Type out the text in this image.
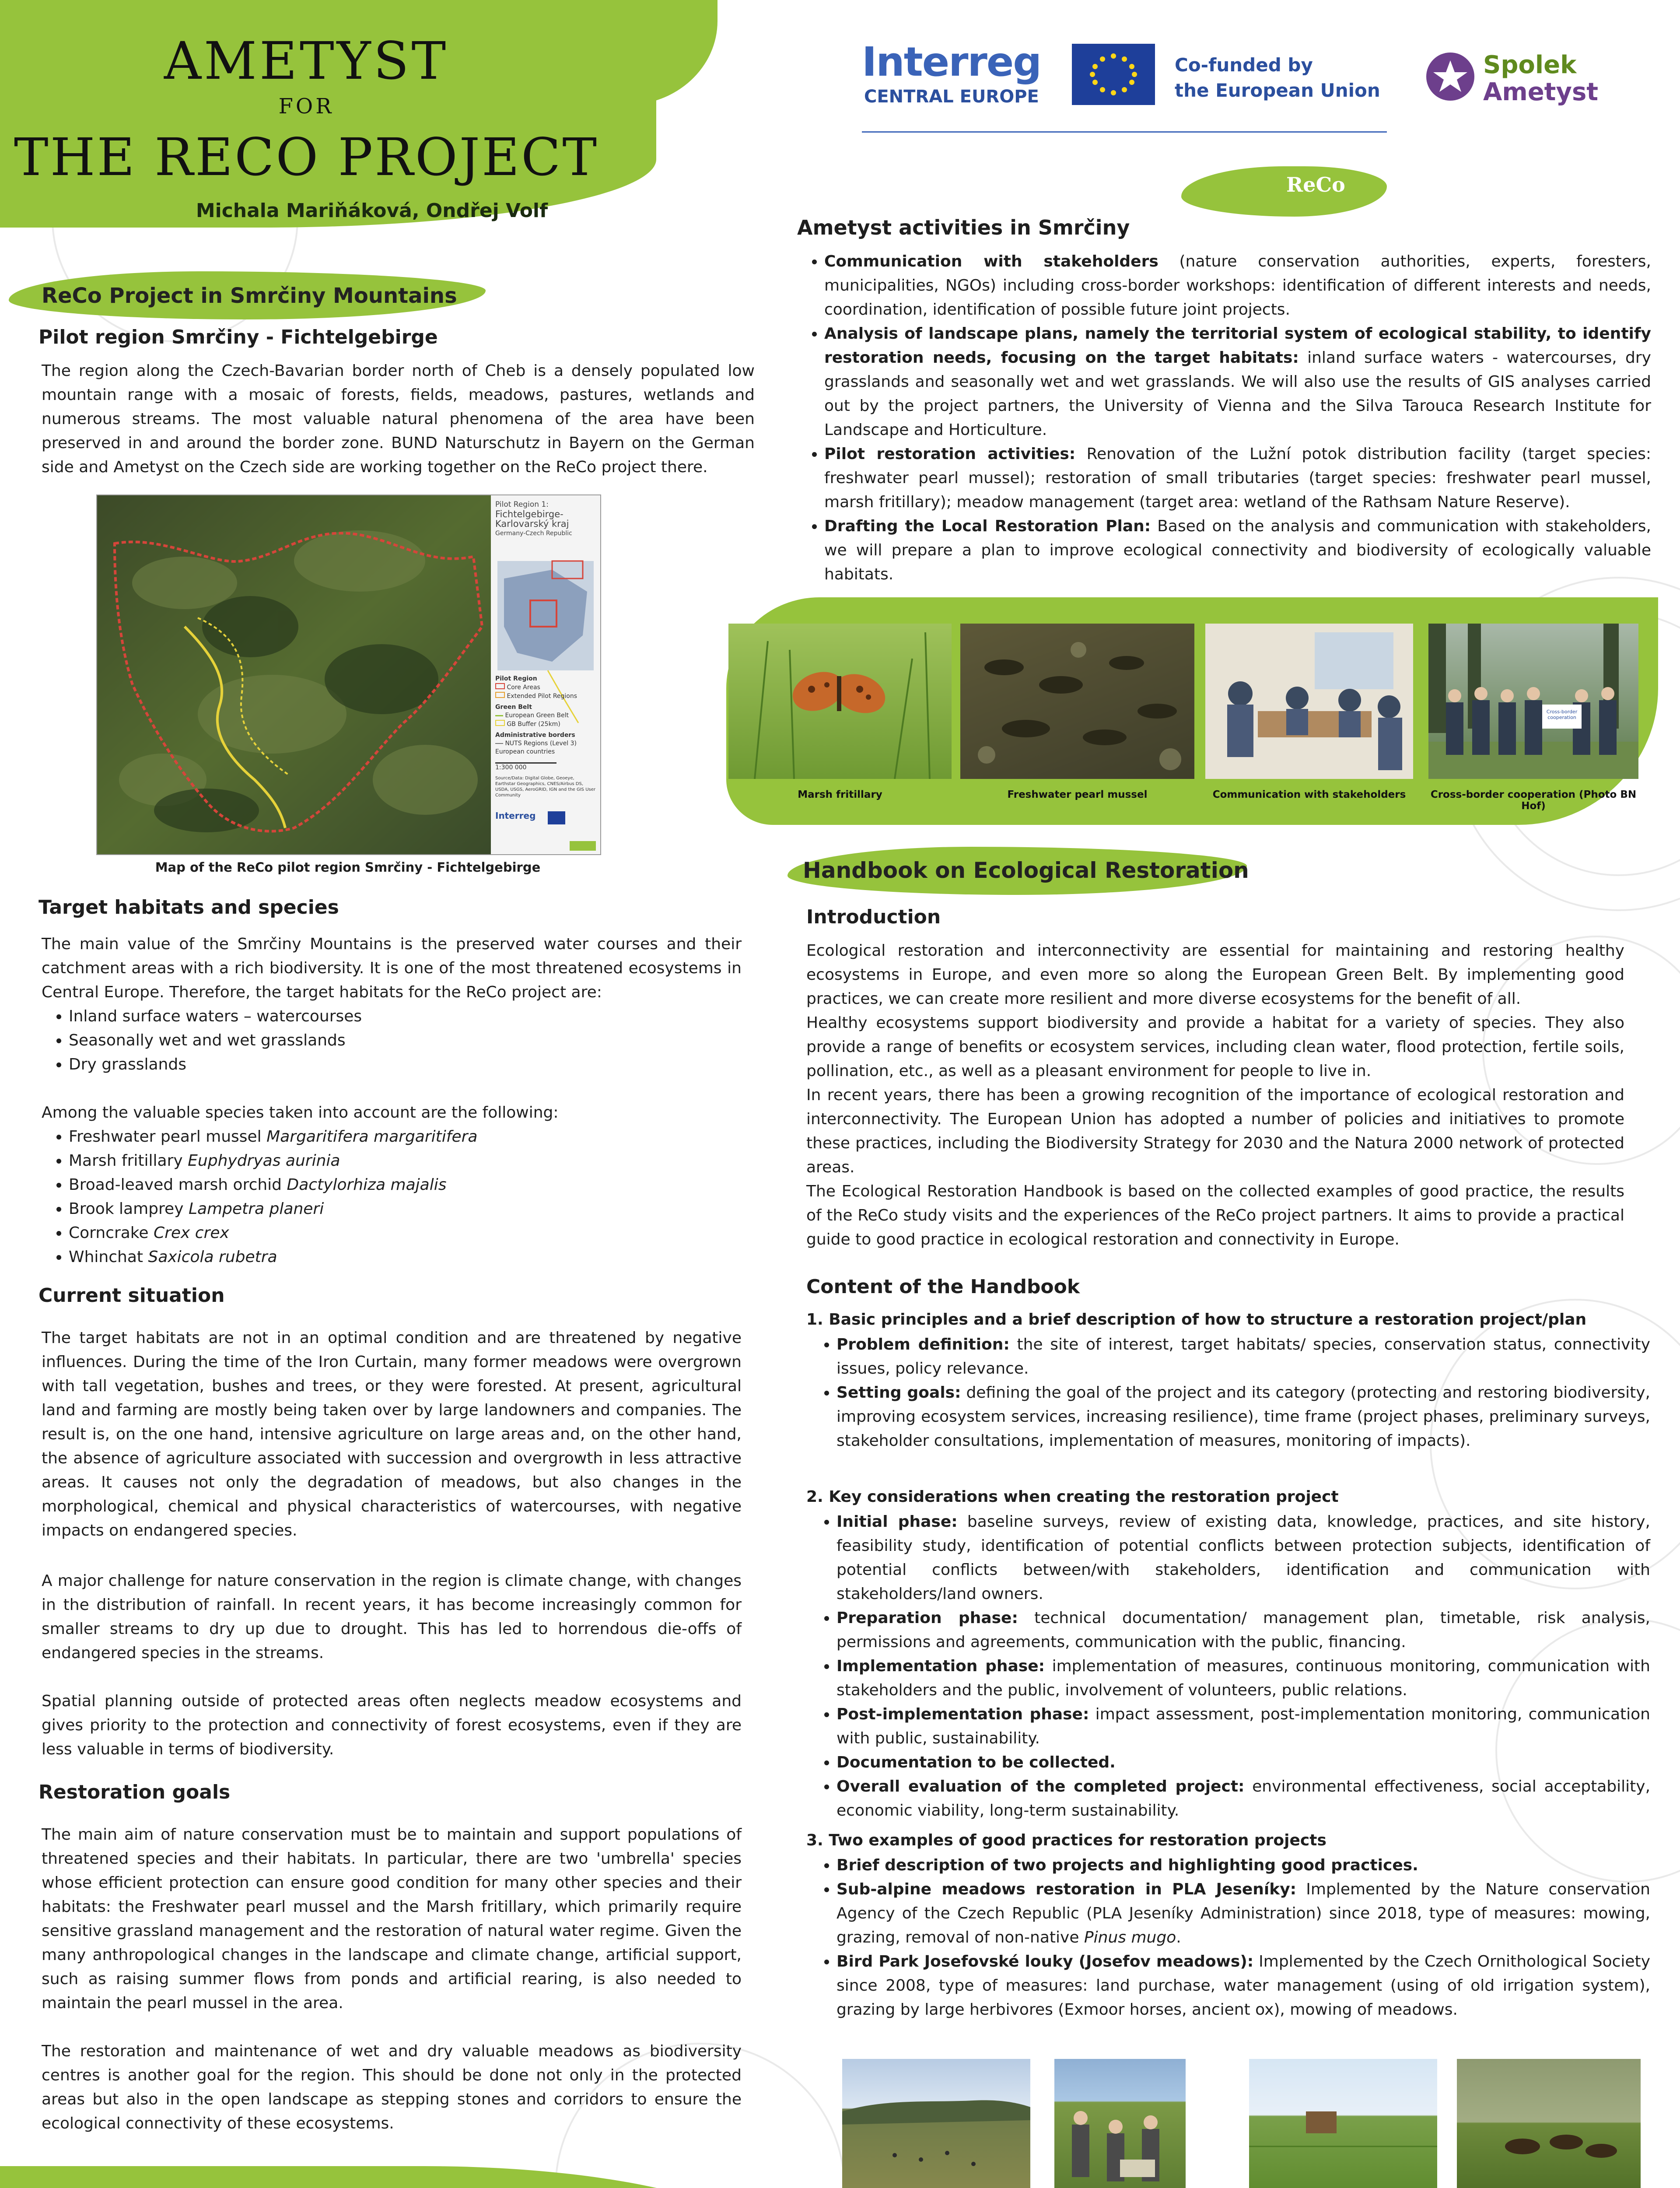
AMETYST
FOR
THE RECO PROJECT
Michala Mariňáková, Ondřej Volf
Interreg
CENTRAL EUROPE
Co-funded by
the European Union
Spolek
Ametyst
ReCo
ReCo Project in Smrčiny Mountains
Pilot region Smrčiny - Fichtelgebirge
The region along the Czech-Bavarian border north of Cheb is a densely populated low mountain range with a mosaic of forests, fields, meadows, pastures, wetlands and numerous streams. The most valuable natural phenomena of the area have been preserved in and around the border zone. BUND Naturschutz in Bayern on the German side and Ametyst on the Czech side are working together on the ReCo project there.
Pilot Region 1:
Fichtelgebirge-
Karlovarský kraj
Germany-Czech Republic
Pilot Region
Core Areas
Extended Pilot Regions
Green Belt
European Green Belt
GB Buffer (25km)
Administrative borders
NUTS Regions (Level 3)
European countries
1:300 000
Source/Data: Digital Globe, Geoeye, Earthstar Geographics, CNES/Airbus DS, USDA, USGS, AeroGRID, IGN and the GIS User Community
Interreg
Map of the ReCo pilot region Smrčiny - Fichtelgebirge
Target habitats and species
The main value of the Smrčiny Mountains is the preserved water courses and their catchment areas with a rich biodiversity. It is one of the most threatened ecosystems in Central Europe. Therefore, the target habitats for the ReCo project are:
• Inland surface waters – watercourses
• Seasonally wet and wet grasslands
• Dry grasslands
Among the valuable species taken into account are the following:
• Freshwater pearl mussel Margaritifera margaritifera
• Marsh fritillary Euphydryas aurinia
• Broad-leaved marsh orchid Dactylorhiza majalis
• Brook lamprey Lampetra planeri
• Corncrake Crex crex
• Whinchat Saxicola rubetra
Current situation
The target habitats are not in an optimal condition and are threatened by negative influences. During the time of the Iron Curtain, many former meadows were overgrown with tall vegetation, bushes and trees, or they were forested. At present, agricultural land and farming are mostly being taken over by large landowners and companies. The result is, on the one hand, intensive agriculture on large areas and, on the other hand, the absence of agriculture associated with succession and overgrowth in less attractive areas. It causes not only the degradation of meadows, but also changes in the morphological, chemical and physical characteristics of watercourses, with negative impacts on endangered species.
A major challenge for nature conservation in the region is climate change, with changes in the distribution of rainfall. In recent years, it has become increasingly common for smaller streams to dry up due to drought. This has led to horrendous die-offs of endangered species in the streams.
Spatial planning outside of protected areas often neglects meadow ecosystems and gives priority to the protection and connectivity of forest ecosystems, even if they are less valuable in terms of biodiversity.
Restoration goals
The main aim of nature conservation must be to maintain and support populations of threatened species and their habitats. In particular, there are two 'umbrella' species whose efficient protection can ensure good condition for many other species and their habitats: the Freshwater pearl mussel and the Marsh fritillary, which primarily require sensitive grassland management and the restoration of natural water regime. Given the many anthropological changes in the landscape and climate change, artificial support, such as raising summer flows from ponds and artificial rearing, is also needed to maintain the pearl mussel in the area.
The restoration and maintenance of wet and dry valuable meadows as biodiversity centres is another goal for the region. This should be done not only in the protected areas but also in the open landscape as stepping stones and corridors to ensure the ecological connectivity of these ecosystems.
Ametyst activities in Smrčiny
• Communication with stakeholders (nature conservation authorities, experts, foresters, municipalities, NGOs) including cross-border workshops: identification of different interests and needs, coordination, identification of possible future joint projects.
• Analysis of landscape plans, namely the territorial system of ecological stability, to identify restoration needs, focusing on the target habitats: inland surface waters - watercourses, dry grasslands and seasonally wet and wet grasslands. We will also use the results of GIS analyses carried out by the project partners, the University of Vienna and the Silva Tarouca Research Institute for Landscape and Horticulture.
• Pilot restoration activities: Renovation of the Lužní potok distribution facility (target species: freshwater pearl mussel); restoration of small tributaries (target species: freshwater pearl mussel, marsh fritillary); meadow management (target area: wetland of the Rathsam Nature Reserve).
• Drafting the Local Restoration Plan: Based on the analysis and communication with stakeholders, we will prepare a plan to improve ecological connectivity and biodiversity of ecologically valuable habitats.
Cross-border cooperation
Marsh fritillary	Freshwater pearl mussel	Communication with stakeholders	Cross-border cooperation (Photo BN Hof)
Handbook on Ecological Restoration
Introduction
Ecological restoration and interconnectivity are essential for maintaining and restoring healthy ecosystems in Europe, and even more so along the European Green Belt. By implementing good practices, we can create more resilient and more diverse ecosystems for the benefit of all.
Healthy ecosystems support biodiversity and provide a habitat for a variety of species. They also provide a range of benefits or ecosystem services, including clean water, flood protection, fertile soils, pollination, etc., as well as a pleasant environment for people to live in.
In recent years, there has been a growing recognition of the importance of ecological restoration and interconnectivity. The European Union has adopted a number of policies and initiatives to promote these practices, including the Biodiversity Strategy for 2030 and the Natura 2000 network of protected areas.
The Ecological Restoration Handbook is based on the collected examples of good practice, the results of the ReCo study visits and the experiences of the ReCo project partners. It aims to provide a practical guide to good practice in ecological restoration and connectivity in Europe.
Content of the Handbook
1. Basic principles and a brief description of how to structure a restoration project/plan
• Problem definition: the site of interest, target habitats/ species, conservation status, connectivity issues, policy relevance.
• Setting goals: defining the goal of the project and its category (protecting and restoring biodiversity, improving ecosystem services, increasing resilience), time frame (project phases, preliminary surveys, stakeholder consultations, implementation of measures, monitoring of impacts).
2. Key considerations when creating the restoration project
• Initial phase: baseline surveys, review of existing data, knowledge, practices, and site history, feasibility study, identification of potential conflicts between protection subjects, identification of potential conflicts between/with stakeholders, identification and communication with stakeholders/land owners.
• Preparation phase: technical documentation/ management plan, timetable, risk analysis, permissions and agreements, communication with the public, financing.
• Implementation phase: implementation of measures, continuous monitoring, communication with stakeholders and the public, involvement of volunteers, public relations.
• Post-implementation phase: impact assessment, post-implementation monitoring, communication with public, sustainability.
• Documentation to be collected.
• Overall evaluation of the completed project: environmental effectiveness, social acceptability, economic viability, long-term sustainability.
3. Two examples of good practices for restoration projects
• Brief description of two projects and highlighting good practices.
• Sub-alpine meadows restoration in PLA Jeseníky: Implemented by the Nature conservation Agency of the Czech Republic (PLA Jeseníky Administration) since 2018, type of measures: mowing, grazing, removal of non-native Pinus mugo.
• Bird Park Josefovské louky (Josefov meadows): Implemented by the Czech Ornithological Society since 2008, type of measures: land purchase, water management (using of old irrigation system), grazing by large herbivores (Exmoor horses, ancient ox), mowing of meadows.
